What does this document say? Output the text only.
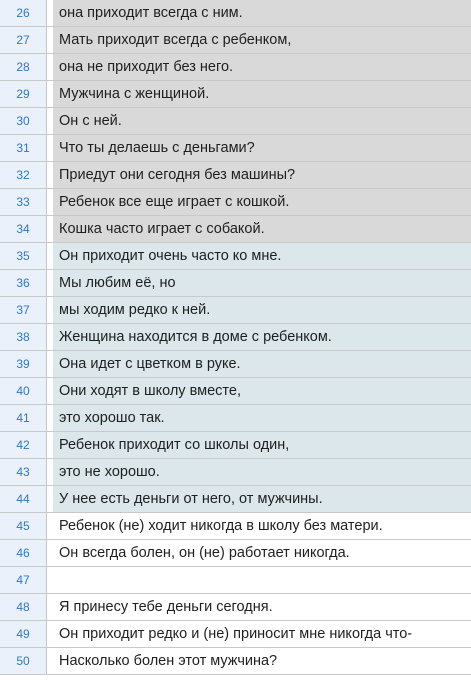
26	она приходит всегда с ним.
27	Мать приходит всегда с ребенком,
28	она не приходит без него.
29	Мужчина с женщиной.
30	Он с ней.
31	Что ты делаешь с деньгами?
32	Приедут они сегодня без машины?
33	Ребенок все еще играет с кошкой.
34	Кошка часто играет с собакой.
35	Он приходит очень часто ко мне.
36	Мы любим её, но
37	мы ходим редко к ней.
38	Женщина находится в доме с ребенком.
39	Она идет с цветком в руке.
40	Они ходят в школу вместе,
41	это хорошо так.
42	Ребенок приходит со школы один,
43	это не хорошо.
44	У нее есть деньги от него, от мужчины.
45	Ребенок (не) ходит никогда в школу без матери.
46	Он всегда болен, он (не) работает никогда.
47
48	Я принесу тебе деньги сегодня.
49	Он приходит редко и (не) приносит мне никогда что-
50	Насколько болен этот мужчина?
